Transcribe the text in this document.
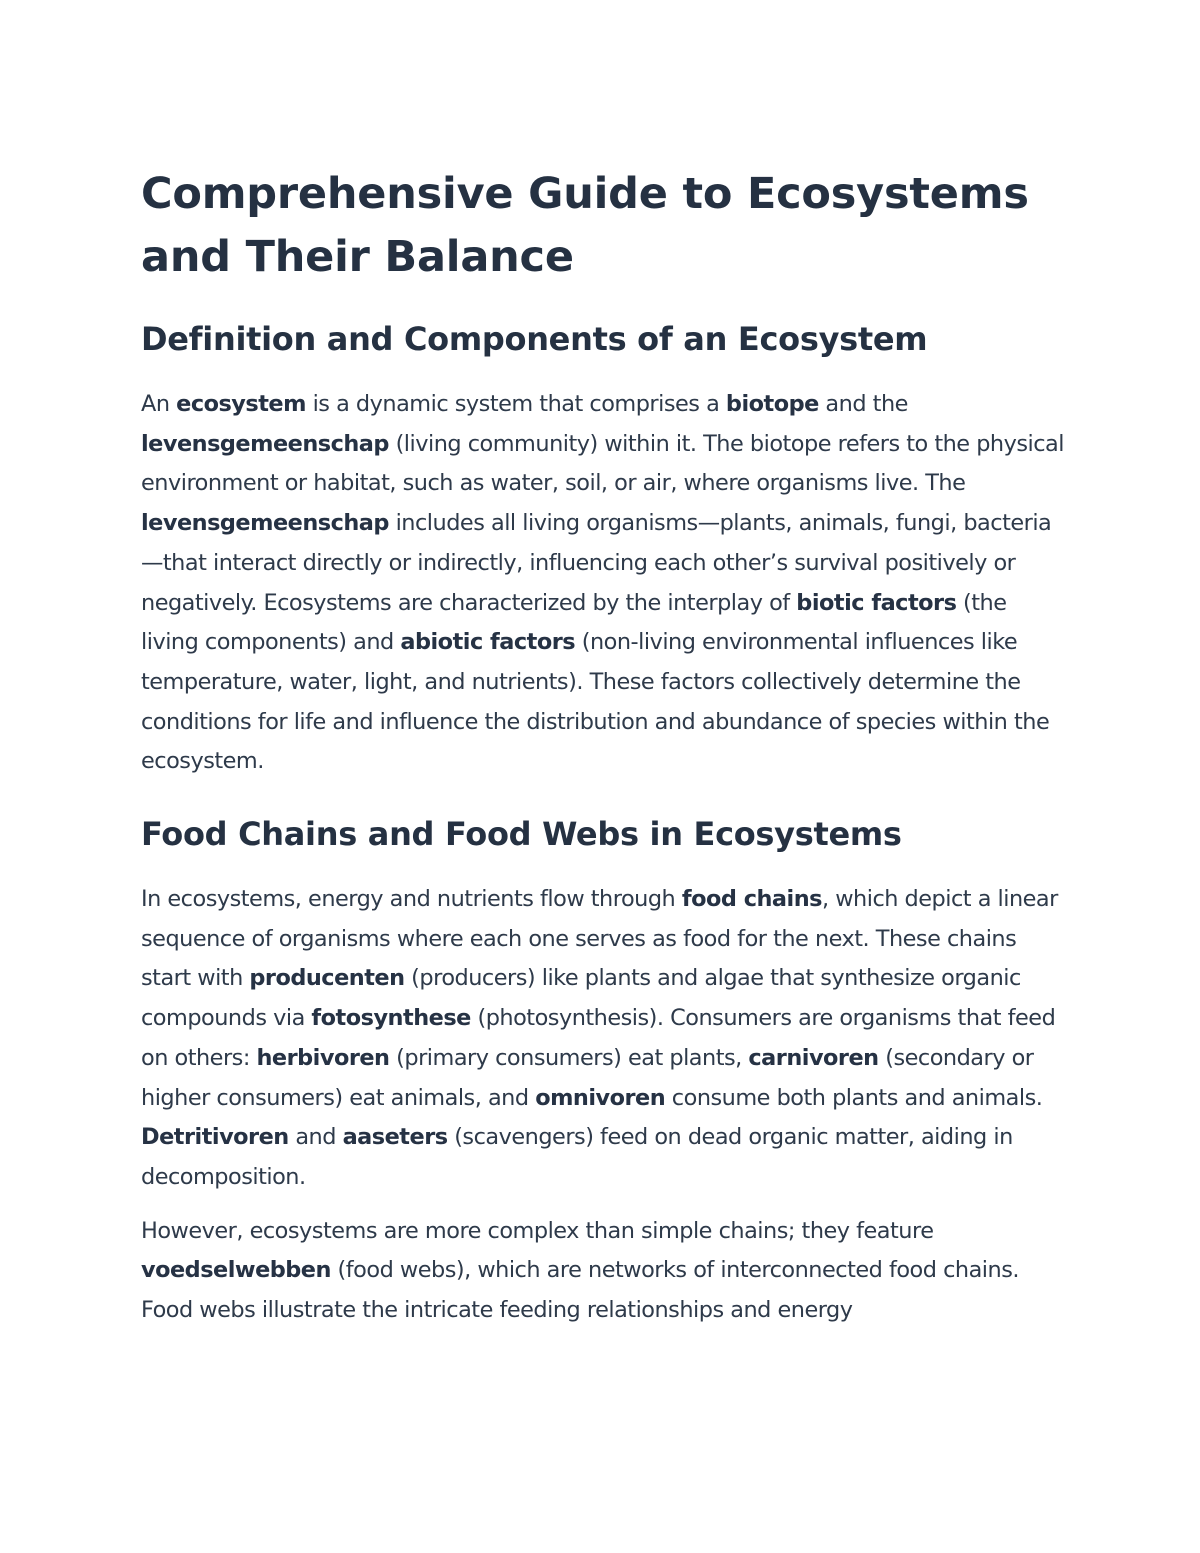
Comprehensive Guide to Ecosystems and Their Balance
Definition and Components of an Ecosystem

An ecosystem is a dynamic system that comprises a biotope and the levensgemeenschap (living community) within it. The biotope refers to the physical environment or habitat, such as water, soil, or air, where organisms live. The levensgemeenschap includes all living organisms—plants, animals, fungi, bacteria—that interact directly or indirectly, influencing each other’s survival positively or negatively. Ecosystems are characterized by the interplay of biotic factors (the living components) and abiotic factors (non-living environmental influences like temperature, water, light, and nutrients). These factors collectively determine the conditions for life and influence the distribution and abundance of species within the ecosystem.

Food Chains and Food Webs in Ecosystems

In ecosystems, energy and nutrients flow through food chains, which depict a linear sequence of organisms where each one serves as food for the next. These chains start with producenten (producers) like plants and algae that synthesize organic compounds via fotosynthese (photosynthesis). Consumers are organisms that feed on others: herbivoren (primary consumers) eat plants, carnivoren (secondary or higher consumers) eat animals, and omnivoren consume both plants and animals. Detritivoren and aaseters (scavengers) feed on dead organic matter, aiding in decomposition.

However, ecosystems are more complex than simple chains; they feature voedselwebben (food webs), which are networks of interconnected food chains. Food webs illustrate the intricate feeding relationships and energy
